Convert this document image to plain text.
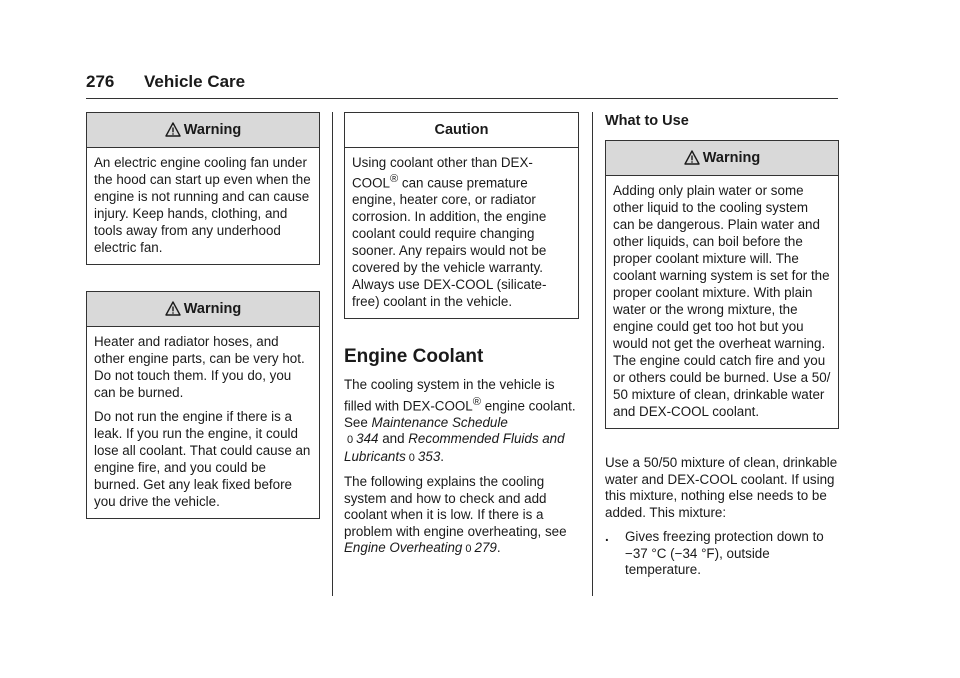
276 Vehicle Care
Warning

An electric engine cooling fan under the hood can start up even when the engine is not running and can cause injury. Keep hands, clothing, and tools away from any underhood electric fan.

Warning

Heater and radiator hoses, and other engine parts, can be very hot. Do not touch them. If you do, you can be burned.

Do not run the engine if there is a leak. If you run the engine, it could lose all coolant. That could cause an engine fire, and you could be burned. Get any leak fixed before you drive the vehicle.

Caution

Using coolant other than DEX-COOL® can cause premature engine, heater core, or radiator corrosion. In addition, the engine coolant could require changing sooner. Any repairs would not be covered by the vehicle warranty. Always use DEX-COOL (silicate-free) coolant in the vehicle.

Engine Coolant

The cooling system in the vehicle is filled with DEX-COOL® engine coolant. See Maintenance Schedule
0 344 and Recommended Fluids and Lubricants 0 353.

The following explains the cooling system and how to check and add coolant when it is low. If there is a problem with engine overheating, see Engine Overheating 0 279.

What to Use
Warning

Adding only plain water or some other liquid to the cooling system can be dangerous. Plain water and other liquids, can boil before the proper coolant mixture will. The coolant warning system is set for the proper coolant mixture. With plain water or the wrong mixture, the engine could get too hot but you would not get the overheat warning. The engine could catch fire and you or others could be burned. Use a 50/ 50 mixture of clean, drinkable water and DEX-COOL coolant.

Use a 50/50 mixture of clean, drinkable water and DEX-COOL coolant. If using this mixture, nothing else needs to be added. This mixture:

.	Gives freezing protection down to −37 °C (−34 °F), outside temperature.
